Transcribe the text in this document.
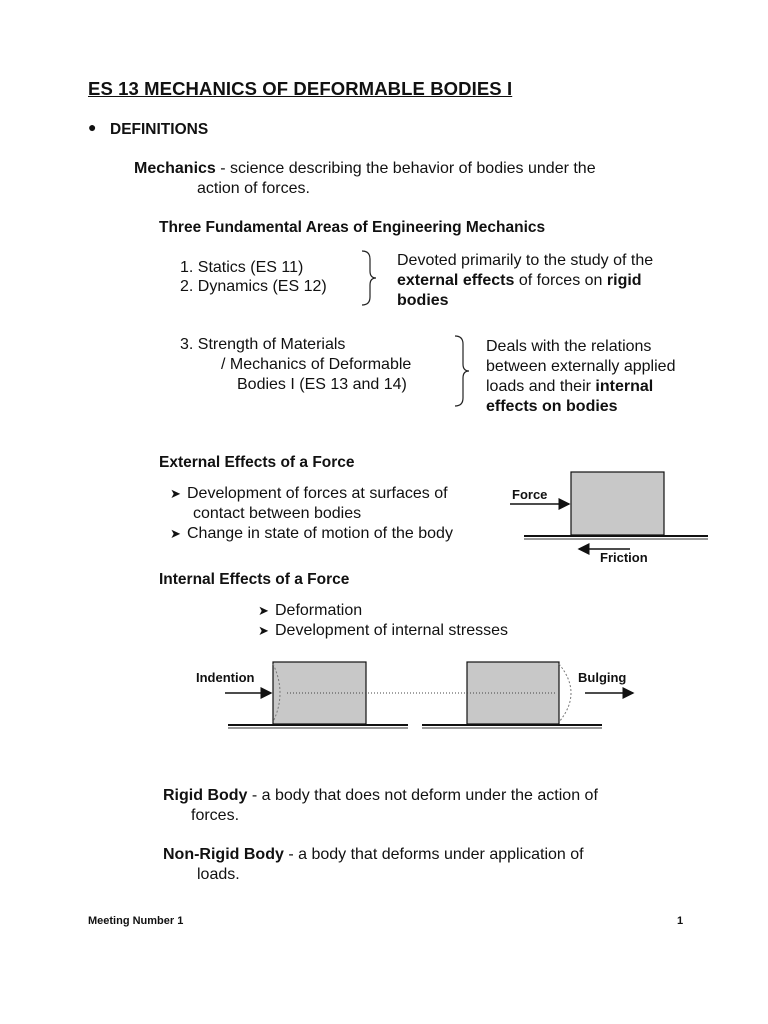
ES 13 MECHANICS OF DEFORMABLE BODIES I
● DEFINITIONS
Mechanics - science describing the behavior of bodies under the
action of forces.
Three Fundamental Areas of Engineering Mechanics
1. Statics (ES 11)
2. Dynamics (ES 12)
Devoted primarily to the study of the
external effects of forces on rigid
bodies
3. Strength of Materials
/ Mechanics of Deformable
Bodies I (ES 13 and 14)
Deals with the relations
between externally applied
loads and their internal
effects on bodies
External Effects of a Force
➤ Development of forces at surfaces of
contact between bodies
➤ Change in state of motion of the body
Force
Friction
Internal Effects of a Force
➤ Deformation
➤ Development of internal stresses
Indention	Bulging
Rigid Body - a body that does not deform under the action of
forces.
Non-Rigid Body - a body that deforms under application of
loads.
Meeting Number 1	1
